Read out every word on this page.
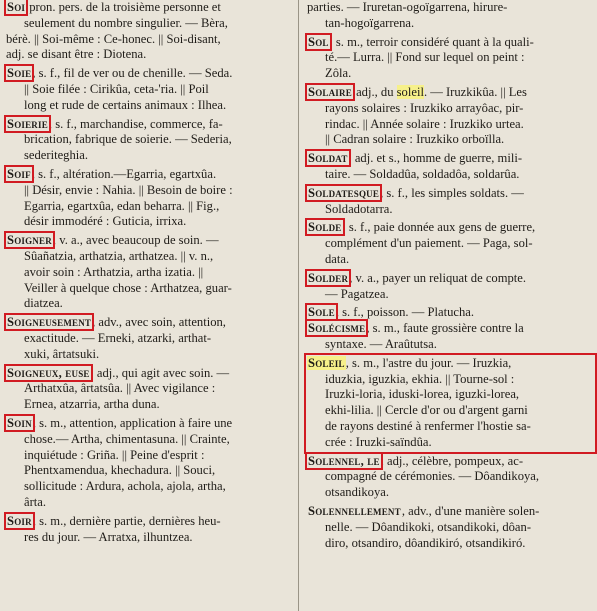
Soi pron. pers. de la troisième personne et

seulement du nombre singulier. — Bèra,

bérè. || Soi-même : Ce-honec. || Soi-disant,

adj. se disant être : Diotena.

Soie, s. f., fil de ver ou de chenille. — Seda.

|| Soie filée : Cirikûa, ceta-'ria. || Poil

long et rude de certains animaux : Ilhea.

Soierie, s. f., marchandise, commerce, fa-

brication, fabrique de soierie. — Sederia,

sederiteghia.

Soif, s. f., altération.—Egarria, egartxûa.

|| Désir, envie : Nahia. || Besoin de boire :

Egarria, egartxûa, edan beharra. || Fig.,

désir immodéré : Guticia, irrixa.

Soigner, v. a., avec beaucoup de soin. —

Sûañatzia, arthatzia, arthatzea. || v. n.,

avoir soin : Arthatzia, artha izatia. ||

Veiller à quelque chose : Arthatzea, guar-

diatzea.

Soigneusement, adv., avec soin, attention,

exactitude. — Erneki, atzarki, arthat-

xuki, ârtatsuki.

Soigneux, euse, adj., qui agit avec soin. —

Arthatxûa, ârtatsûa. || Avec vigilance :

Ernea, atzarria, artha duna.

Soin, s. m., attention, application à faire une

chose.— Artha, chimentasuna. || Crainte,

inquiétude : Griña. || Peine d'esprit :

Phentxamendua, khechadura. || Souci,

sollicitude : Ardura, achola, ajola, artha,

ârta.

Soir, s. m., dernière partie, dernières heu-

res du jour. — Arratxa, ilhuntzea.

parties. — Iruretan-ogoïgarrena, hirure-

tan-hogoïgarrena.

Sol, s. m., terroir considéré quant à la quali-

té.— Lurra. || Fond sur lequel on peint :

Zôla.

Solaire adj., du soleil. — Iruzkikûa. || Les

rayons solaires : Iruzkiko arrayôac, pir-

rindac. || Année solaire : Iruzkiko urtea.

|| Cadran solaire : Iruzkiko orboïlla.

Soldat, adj. et s., homme de guerre, mili-

taire. — Soldadûa, soldadôa, soldarûa.

Soldatesque, s. f., les simples soldats. —

Soldadotarra.

Solde, s. f., paie donnée aux gens de guerre,

complément d'un paiement. — Paga, sol-

data.

Solder, v. a., payer un reliquat de compte.

— Pagatzea.

Sole, s. f., poisson. — Platucha.

Solécisme, s. m., faute grossière contre la

syntaxe. — Araûtutsa.

Soleil, s. m., l'astre du jour. — Iruzkia,

iduzkia, iguzkia, ekhia. || Tourne-sol :

Iruzki-loria, iduski-lorea, iguzki-lorea,

ekhi-lilia. || Cercle d'or ou d'argent garni

de rayons destiné à renfermer l'hostie sa-

crée : Iruzki-saïndûa.

Solennel, le, adj., célèbre, pompeux, ac-

compagné de cérémonies. — Dôandikoya,

otsandikoya.

Solennellement, adv., d'une manière solen-

nelle. — Dôandikoki, otsandikoki, dôan-

diro, otsandiro, dôandikiró, otsandikiró.
